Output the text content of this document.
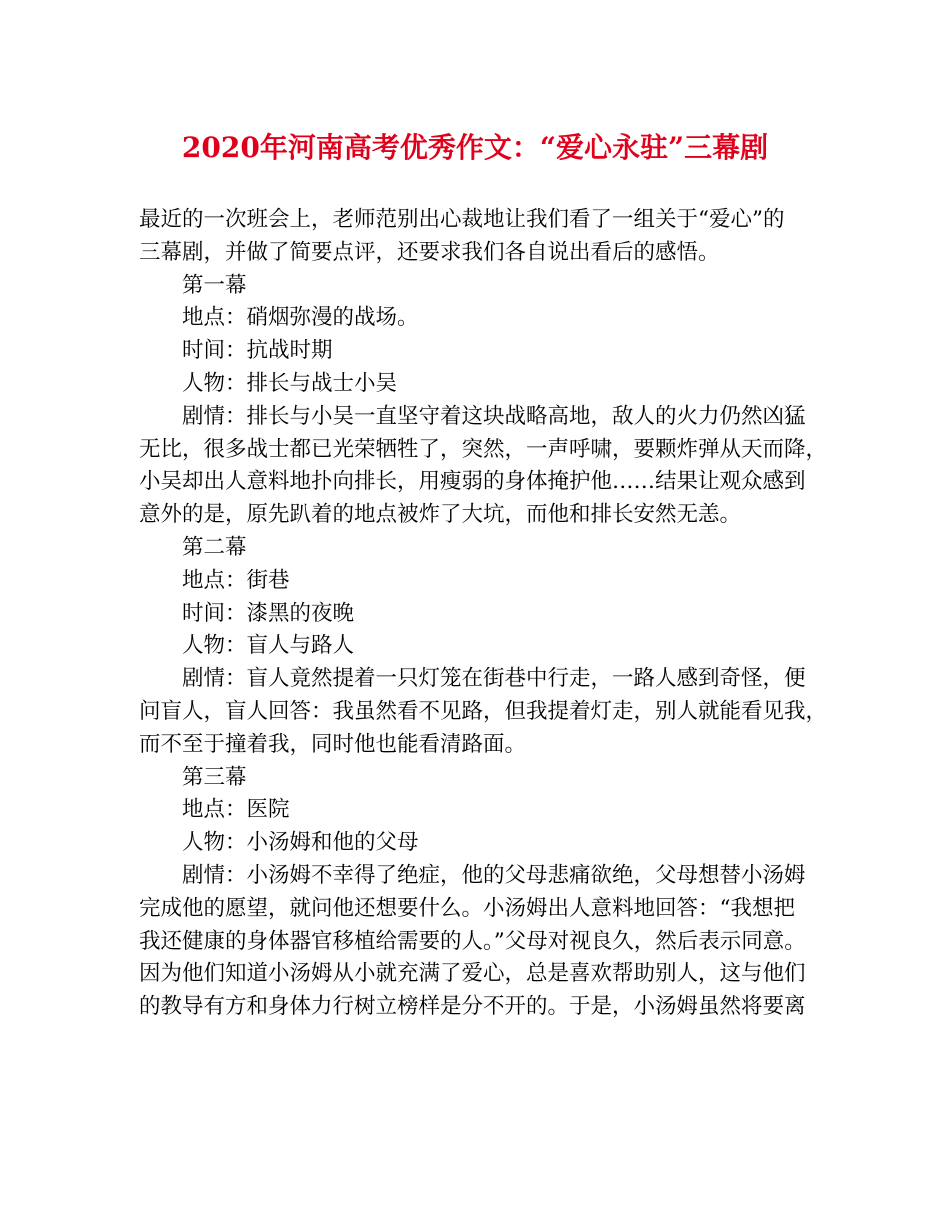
2020年河南高考优秀作文：“爱心永驻”三幕剧

最近的一次班会上，老师范别出心裁地让我们看了一组关于“爱心”的

三幕剧，并做了简要点评，还要求我们各自说出看后的感悟。

第一幕

地点：硝烟弥漫的战场。

时间：抗战时期

人物：排长与战士小吴

剧情：排长与小吴一直坚守着这块战略高地，敌人的火力仍然凶猛

无比，很多战士都已光荣牺牲了，突然，一声呼啸，要颗炸弹从天而降，

小吴却出人意料地扑向排长，用瘦弱的身体掩护他……结果让观众感到

意外的是，原先趴着的地点被炸了大坑，而他和排长安然无恙。

第二幕

地点：街巷

时间：漆黑的夜晚

人物：盲人与路人

剧情：盲人竟然提着一只灯笼在街巷中行走，一路人感到奇怪，便

问盲人，盲人回答：我虽然看不见路，但我提着灯走，别人就能看见我，

而不至于撞着我，同时他也能看清路面。

第三幕

地点：医院

人物：小汤姆和他的父母

剧情：小汤姆不幸得了绝症，他的父母悲痛欲绝，父母想替小汤姆

完成他的愿望，就问他还想要什么。小汤姆出人意料地回答：“我想把

我还健康的身体器官移植给需要的人。”父母对视良久，然后表示同意。

因为他们知道小汤姆从小就充满了爱心，总是喜欢帮助别人，这与他们

的教导有方和身体力行树立榜样是分不开的。于是，小汤姆虽然将要离
